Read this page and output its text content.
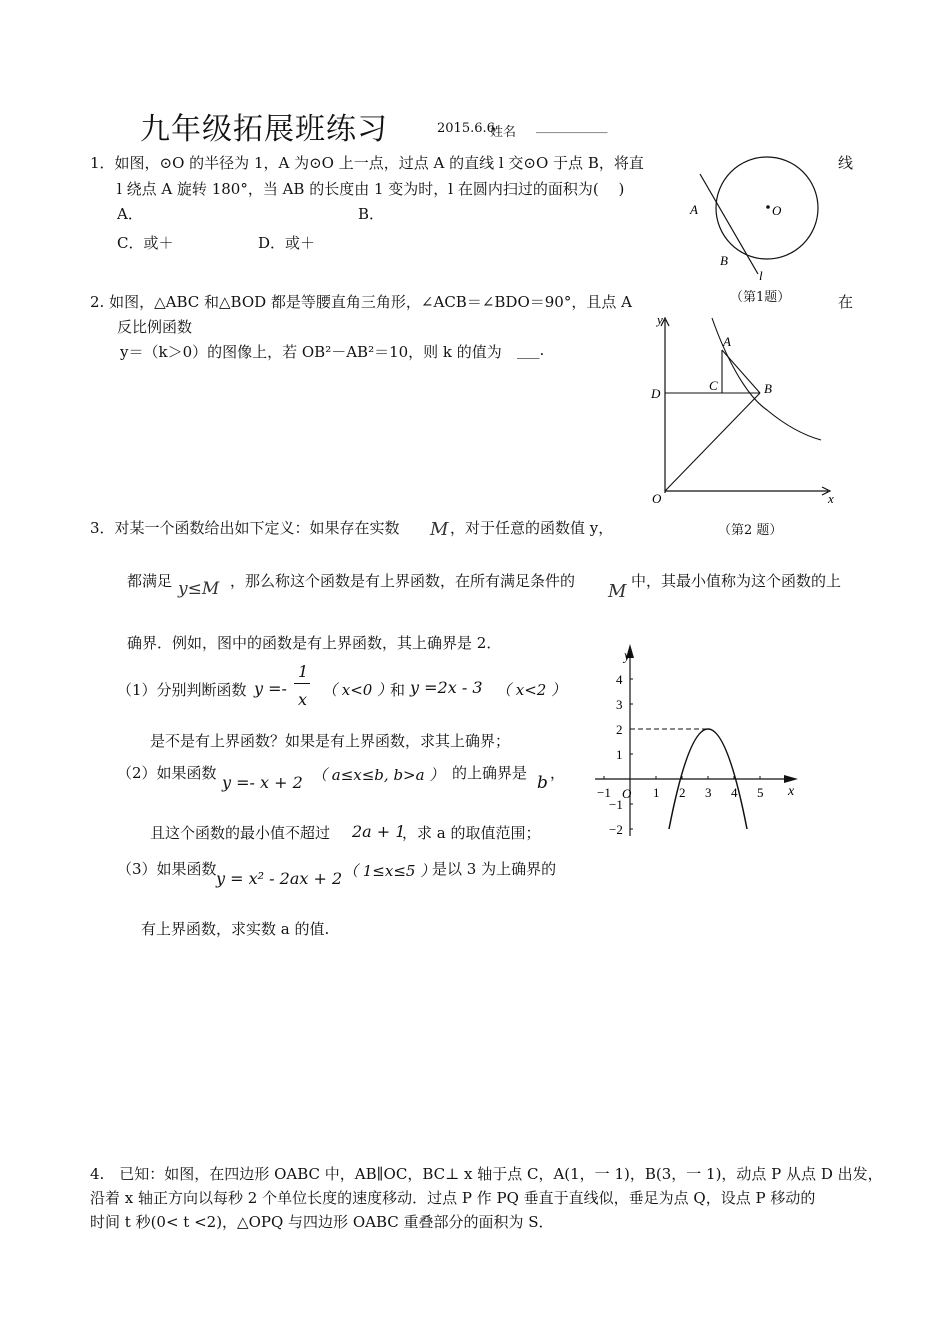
九年级拓展班练习	2015.6.6
姓名 ___________
1．如图，⊙O 的半径为 1，A 为⊙O 上一点，过点 A 的直线 l 交⊙O 于点 B，将直	线
l 绕点 A 旋转 180°，当 AB 的长度由 1 变为时，l 在圆内扫过的面积为(　 )
A．	B．
C．或＋	D．或＋
O
A
B
l
（第1题）
2. 如图，△ABC 和△BOD 都是等腰直角三角形，∠ACB＝∠BDO＝90°，且点 A	在
反比例函数
y＝（k＞0）的图像上，若 OB²－AB²＝10，则 k 的值为 ___.
y
x
A
B
C
D
O
（第2 题）
3．对某一个函数给出如下定义：如果存在实数 M ，对于任意的函数值 y，
都满足 y≤M ，那么称这个函数是有上界函数，在所有满足条件的 M 中，其最小值称为这个函数的上
确界．例如，图中的函数是有上界函数，其上确界是 2．
（1）分别判断函数 y =-
1
x （ x<0 ）
和 y =2x - 3 （ x<2 ）
是不是有上界函数？如果是有上界函数，求其上确界；
（2）如果函数 y =- x + 2 （ a≤x≤b, b>a ） 的上确界是 b ，
且这个函数的最小值不超过 2a + 1
，求 a 的取值范围；
（3）如果函数 y = x² - 2ax + 2 （ 1≤x≤5 ）
是以 3 为上确界的
有上界函数，求实数 a 的值.
y
x
O
−1	1 2 3 4 5
4
3
2
1
−1
−2
4.　已知：如图，在四边形 OABC 中，AB∥OC，BC⊥ x 轴于点 C，A(1，一 1)，B(3，一 1)，动点 P 从点 D 出发，
沿着 x 轴正方向以每秒 2 个单位长度的速度移动．过点 P 作 PQ 垂直于直线似，垂足为点 Q，设点 P 移动的
时间 t 秒(0< t <2)，△OPQ 与四边形 OABC 重叠部分的面积为 S．
